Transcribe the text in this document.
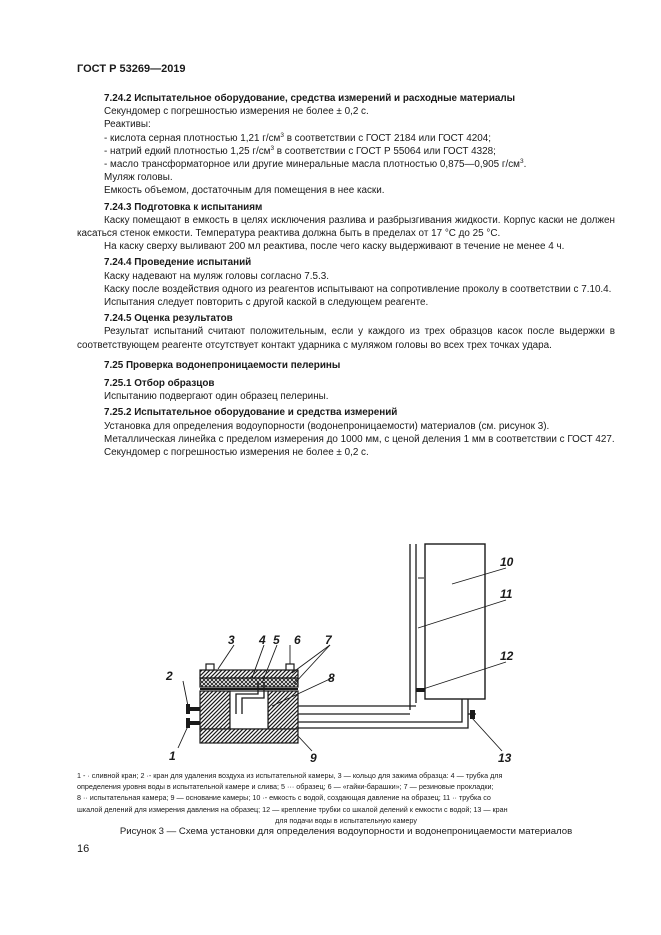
ГОСТ Р 53269—2019

7.24.2 Испытательное оборудование, средства измерений и расходные материалы

Секундомер с погрешностью измерения не более ± 0,2 с.

Реактивы:

- кислота серная плотностью 1,21 $г/см^3$ в соответствии с ГОСТ 2184 или ГОСТ 4204;

- натрий едкий плотностью 1,25 $г/см^3$ в соответствии с ГОСТ Р 55064 или ГОСТ 4328;

- масло трансформаторное или другие минеральные масла плотностью 0,875—0,905 $г/см^3$.

Муляж головы.

Емкость объемом, достаточным для помещения в нее каски.

7.24.3 Подготовка к испытаниям

Каску помещают в емкость в целях исключения разлива и разбрызгивания жидкости. Корпус каски не должен касаться стенок емкости. Температура реактива должна быть в пределах от 17 °С до 25 °С.

На каску сверху выливают 200 мл реактива, после чего каску выдерживают в течение не менее 4 ч.

7.24.4 Проведение испытаний

Каску надевают на муляж головы согласно 7.5.3.

Каску после воздействия одного из реагентов испытывают на сопротивление проколу в соответствии с 7.10.4.

Испытания следует повторить с другой каской в следующем реагенте.

7.24.5 Оценка результатов

Результат испытаний считают положительным, если у каждого из трех образцов касок после выдержки в соответствующем реагенте отсутствует контакт ударника с муляжом головы во всех трех точках удара.

7.25 Проверка водонепроницаемости пелерины

7.25.1 Отбор образцов

Испытанию подвергают один образец пелерины.

7.25.2 Испытательное оборудование и средства измерений

Установка для определения водоупорности (водонепроницаемости) материалов (см. рисунок 3).

Металлическая линейка с пределом измерения до 1000 мм, с ценой деления 1 мм в соответствии с ГОСТ 427.

Секундомер с погрешностью измерения не более ± 0,2 с.

2
3 4 5 6 7
8
1	9
10
11
12
13

1 - · сливной кран; 2 ·- кран для удаления воздуха из испытательной камеры, 3 — кольцо для зажима образца: 4 — трубка для

определения уровня воды в испытательной камере и слива; 5 ··· образец; 6 — «гайки-барашки»; 7 — резиновые прокладки;

8 ·· испытательная камера; 9 — основание камеры; 10 ·- емкость с водой, создающая давление на образец; 11 ·· трубка со

шкалой делений для измерения давления на образец; 12 — крепление трубки со шкалой делений к емкости с водой; 13 — кран

для подачи воды в испытательную камеру

Рисунок 3 — Схема установки для определения водоупорности и водонепроницаемости материалов

16
